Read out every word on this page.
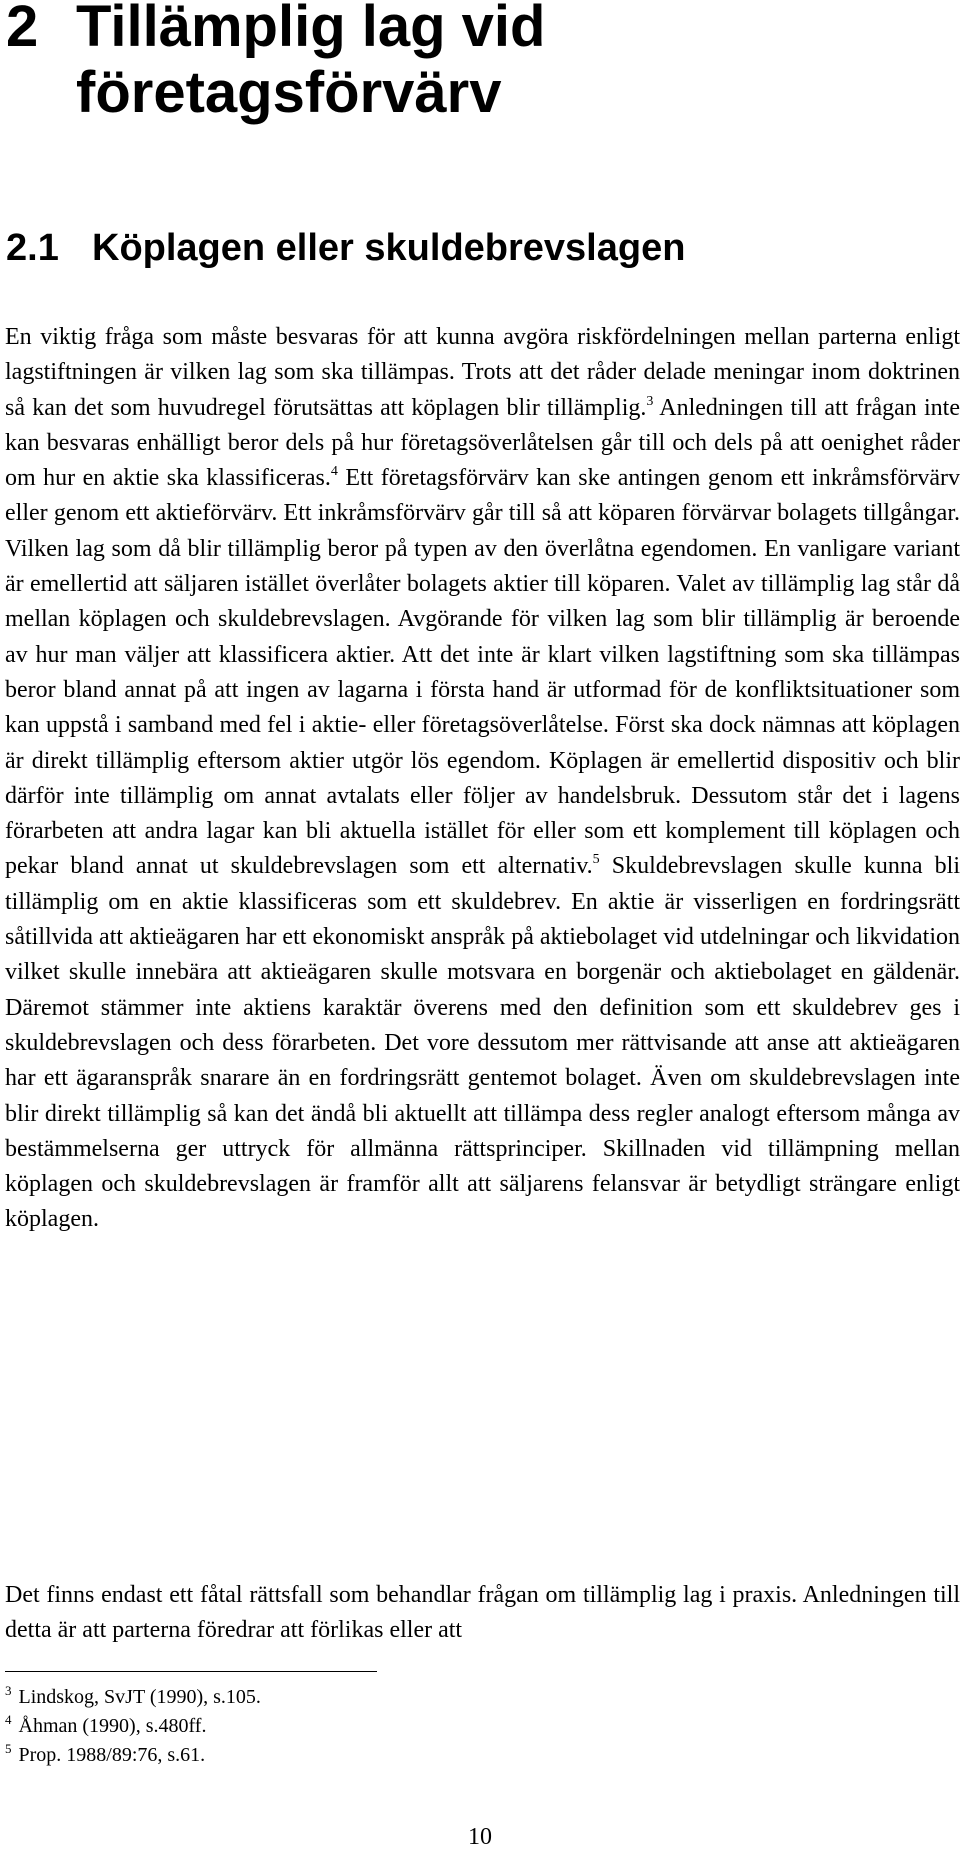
2 Tillämplig lag vid
företagsförvärv
2.1 Köplagen eller skuldebrevslagen

En viktig fråga som måste besvaras för att kunna avgöra riskfördelningen mellan parterna enligt lagstiftningen är vilken lag som ska tillämpas. Trots att det råder delade meningar inom doktrinen så kan det som huvudregel förutsättas att köplagen blir tillämplig.$^3$ Anledningen till att frågan inte kan besvaras enhälligt beror dels på hur företagsöverlåtelsen går till och dels på att oenighet råder om hur en aktie ska klassificeras.$^4$ Ett företagsförvärv kan ske antingen genom ett inkråmsförvärv eller genom ett aktieförvärv. Ett inkråmsförvärv går till så att köparen förvärvar bolagets tillgångar. Vilken lag som då blir tillämplig beror på typen av den överlåtna egendomen. En vanligare variant är emellertid att säljaren istället överlåter bolagets aktier till köparen. Valet av tillämplig lag står då mellan köplagen och skuldebrevslagen. Avgörande för vilken lag som blir tillämplig är beroende av hur man väljer att klassificera aktier. Att det inte är klart vilken lagstiftning som ska tillämpas beror bland annat på att ingen av lagarna i första hand är utformad för de konfliktsituationer som kan uppstå i samband med fel i aktie- eller företagsöverlåtelse. Först ska dock nämnas att köplagen är direkt tillämplig eftersom aktier utgör lös egendom. Köplagen är emellertid dispositiv och blir därför inte tillämplig om annat avtalats eller följer av handelsbruk. Dessutom står det i lagens förarbeten att andra lagar kan bli aktuella istället för eller som ett komplement till köplagen och pekar bland annat ut skuldebrevslagen som ett alternativ.$^5$ Skuldebrevslagen skulle kunna bli tillämplig om en aktie klassificeras som ett skuldebrev. En aktie är visserligen en fordringsrätt såtillvida att aktieägaren har ett ekonomiskt anspråk på aktiebolaget vid utdelningar och likvidation vilket skulle innebära att aktieägaren skulle motsvara en borgenär och aktiebolaget en gäldenär. Däremot stämmer inte aktiens karaktär överens med den definition som ett skuldebrev ges i skuldebrevslagen och dess förarbeten. Det vore dessutom mer rättvisande att anse att aktieägaren har ett ägaranspråk snarare än en fordringsrätt gentemot bolaget. Även om skuldebrevslagen inte blir direkt tillämplig så kan det ändå bli aktuellt att tillämpa dess regler analogt eftersom många av bestämmelserna ger uttryck för allmänna rättsprinciper. Skillnaden vid tillämpning mellan köplagen och skuldebrevslagen är framför allt att säljarens felansvar är betydligt strängare enligt köplagen.

Det finns endast ett fåtal rättsfall som behandlar frågan om tillämplig lag i praxis. Anledningen till detta är att parterna föredrar att förlikas eller att

$^3$ Lindskog, SvJT (1990), s.105.
$^4$ Åhman (1990), s.480ff.
$^5$ Prop. 1988/89:76, s.61.
10
